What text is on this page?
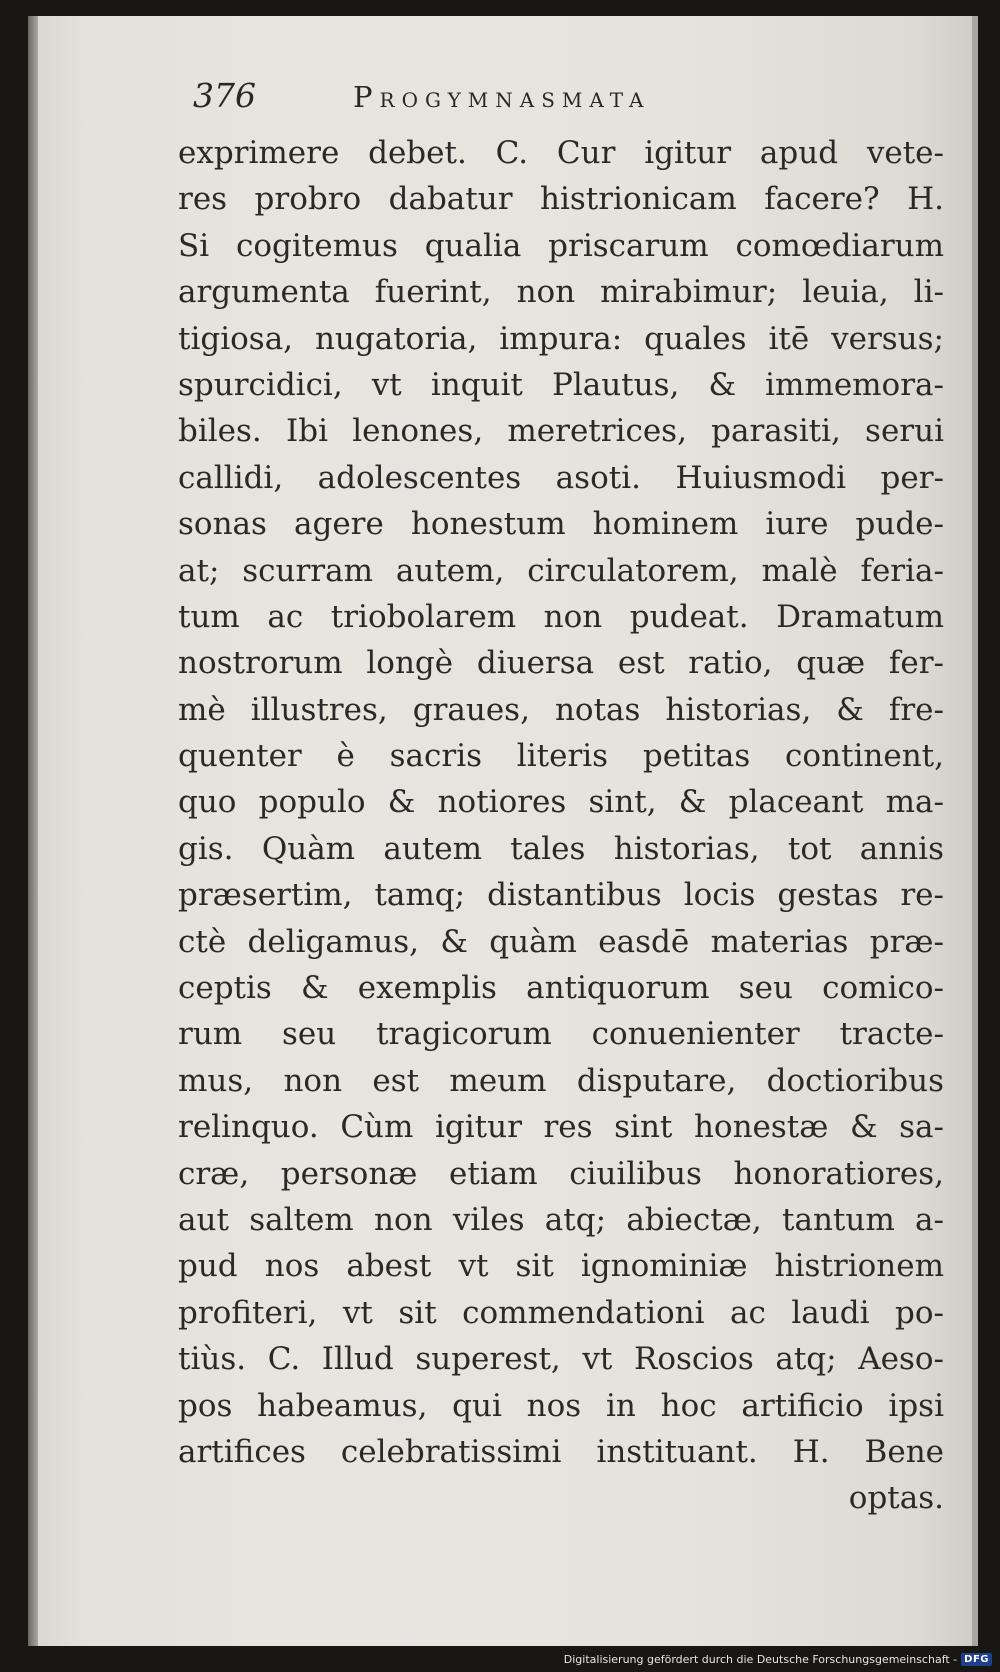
376	Progymnasmata
exprimere debet. C. Cur igitur apud vete-
res probro dabatur histrionicam facere? H.
Si cogitemus qualia priscarum comœdiarum
argumenta fuerint, non mirabimur; leuia, li-
tigiosa, nugatoria, impura: quales itē versus;
spurcidici, vt inquit Plautus, & immemora-
biles. Ibi lenones, meretrices, parasiti, serui
callidi, adolescentes asoti. Huiusmodi per-
sonas agere honestum hominem iure pude-
at; scurram autem, circulatorem, malè feria-
tum ac triobolarem non pudeat. Dramatum
nostrorum longè diuersa est ratio, quæ fer-
mè illustres, graues, notas historias, & fre-
quenter è sacris literis petitas continent,
quo populo & notiores sint, & placeant ma-
gis. Quàm autem tales historias, tot annis
præsertim, tamq; distantibus locis gestas re-
ctè deligamus, & quàm easdē materias præ-
ceptis & exemplis antiquorum seu comico-
rum seu tragicorum conuenienter tracte-
mus, non est meum disputare, doctioribus
relinquo. Cùm igitur res sint honestæ & sa-
cræ, personæ etiam ciuilibus honoratiores,
aut saltem non viles atq; abiectæ, tantum a-
pud nos abest vt sit ignominiæ histrionem
profiteri, vt sit commendationi ac laudi po-
tiùs. C. Illud superest, vt Roscios atq; Aeso-
pos habeamus, qui nos in hoc artificio ipsi
artifices celebratissimi instituant. H. Bene
optas.
Digitalisierung gefördert durch die Deutsche Forschungsgemeinschaft - DFG
